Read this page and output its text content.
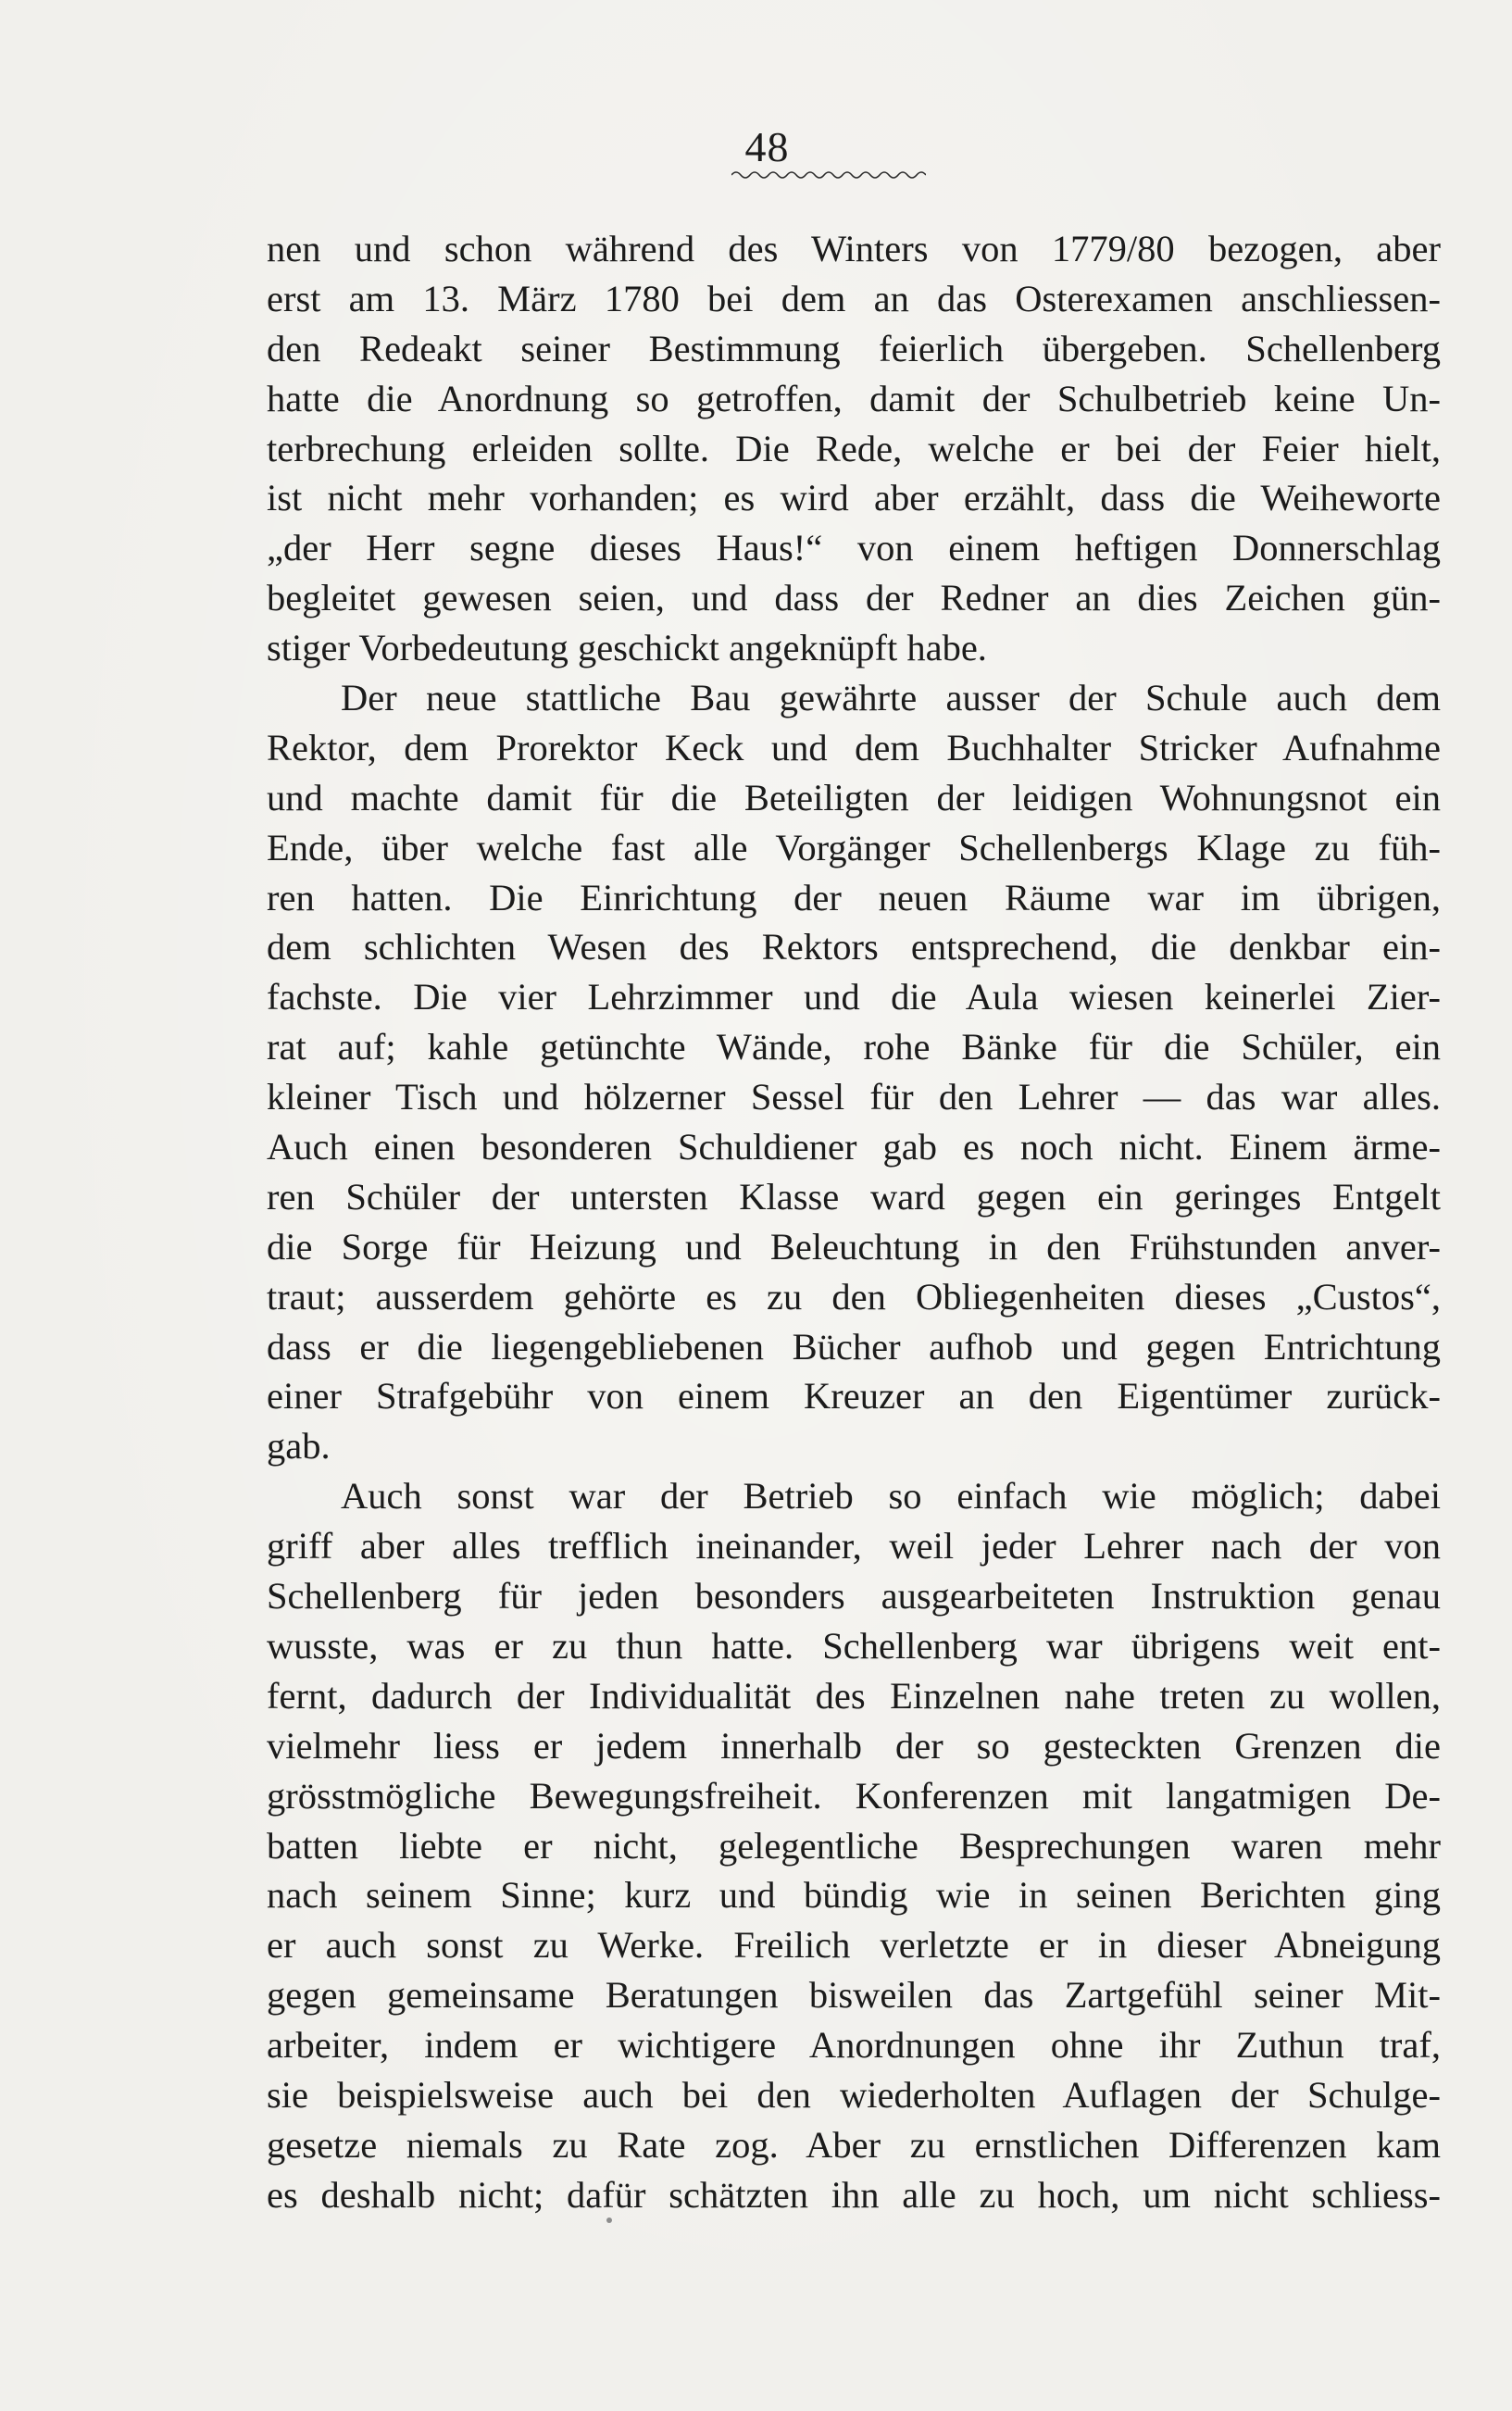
48
nen und schon während des Winters von 1779/80 bezogen, aber
erst am 13. März 1780 bei dem an das Osterexamen anschliessen-
den Redeakt seiner Bestimmung feierlich übergeben. Schellenberg
hatte die Anordnung so getroffen, damit der Schulbetrieb keine Un-
terbrechung erleiden sollte. Die Rede, welche er bei der Feier hielt,
ist nicht mehr vorhanden; es wird aber erzählt, dass die Weiheworte
„der Herr segne dieses Haus!“ von einem heftigen Donnerschlag
begleitet gewesen seien, und dass der Redner an dies Zeichen gün-
stiger Vorbedeutung geschickt angeknüpft habe.
Der neue stattliche Bau gewährte ausser der Schule auch dem
Rektor, dem Prorektor Keck und dem Buchhalter Stricker Aufnahme
und machte damit für die Beteiligten der leidigen Wohnungsnot ein
Ende, über welche fast alle Vorgänger Schellenbergs Klage zu füh-
ren hatten. Die Einrichtung der neuen Räume war im übrigen,
dem schlichten Wesen des Rektors entsprechend, die denkbar ein-
fachste. Die vier Lehrzimmer und die Aula wiesen keinerlei Zier-
rat auf; kahle getünchte Wände, rohe Bänke für die Schüler, ein
kleiner Tisch und hölzerner Sessel für den Lehrer — das war alles.
Auch einen besonderen Schuldiener gab es noch nicht. Einem ärme-
ren Schüler der untersten Klasse ward gegen ein geringes Entgelt
die Sorge für Heizung und Beleuchtung in den Frühstunden anver-
traut; ausserdem gehörte es zu den Obliegenheiten dieses „Custos“,
dass er die liegengebliebenen Bücher aufhob und gegen Entrichtung
einer Strafgebühr von einem Kreuzer an den Eigentümer zurück-
gab.
Auch sonst war der Betrieb so einfach wie möglich; dabei
griff aber alles trefflich ineinander, weil jeder Lehrer nach der von
Schellenberg für jeden besonders ausgearbeiteten Instruktion genau
wusste, was er zu thun hatte. Schellenberg war übrigens weit ent-
fernt, dadurch der Individualität des Einzelnen nahe treten zu wollen,
vielmehr liess er jedem innerhalb der so gesteckten Grenzen die
grösstmögliche Bewegungsfreiheit. Konferenzen mit langatmigen De-
batten liebte er nicht, gelegentliche Besprechungen waren mehr
nach seinem Sinne; kurz und bündig wie in seinen Berichten ging
er auch sonst zu Werke. Freilich verletzte er in dieser Abneigung
gegen gemeinsame Beratungen bisweilen das Zartgefühl seiner Mit-
arbeiter, indem er wichtigere Anordnungen ohne ihr Zuthun traf,
sie beispielsweise auch bei den wiederholten Auflagen der Schulge-
gesetze niemals zu Rate zog. Aber zu ernstlichen Differenzen kam
es deshalb nicht; dafür schätzten ihn alle zu hoch, um nicht schliess-
